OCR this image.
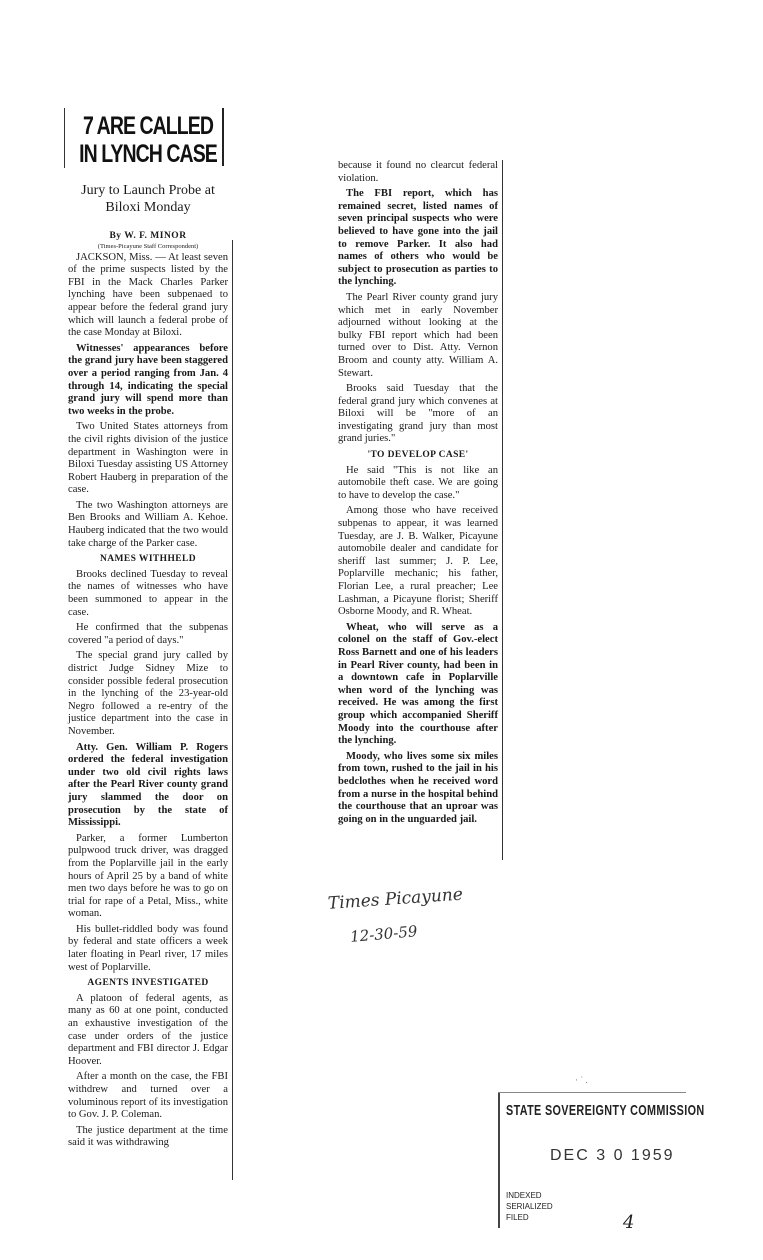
7 ARE CALLED
IN LYNCH CASE
Jury to Launch Probe at
Biloxi Monday
By W. F. MINOR
(Times-Picayune Staff Correspondent)

JACKSON, Miss. — At least seven of the prime suspects listed by the FBI in the Mack Charles Parker lynching have been subpenaed to appear before the federal grand jury which will launch a federal probe of the case Monday at Biloxi.

Witnesses' appearances before the grand jury have been staggered over a period ranging from Jan. 4 through 14, indicating the special grand jury will spend more than two weeks in the probe.

Two United States attorneys from the civil rights division of the justice department in Washington were in Biloxi Tuesday assisting US Attorney Robert Hauberg in preparation of the case.

The two Washington attorneys are Ben Brooks and William A. Kehoe. Hauberg indicated that the two would take charge of the Parker case.

NAMES WITHHELD

Brooks declined Tuesday to reveal the names of witnesses who have been summoned to appear in the case.

He confirmed that the subpenas covered "a period of days."

The special grand jury called by district Judge Sidney Mize to consider possible federal prosecution in the lynching of the 23-year-old Negro followed a re-entry of the justice department into the case in November.

Atty. Gen. William P. Rogers ordered the federal investigation under two old civil rights laws after the Pearl River county grand jury slammed the door on prosecution by the state of Mississippi.

Parker, a former Lumberton pulpwood truck driver, was dragged from the Poplarville jail in the early hours of April 25 by a band of white men two days before he was to go on trial for rape of a Petal, Miss., white woman.

His bullet-riddled body was found by federal and state officers a week later floating in Pearl river, 17 miles west of Poplarville.

AGENTS INVESTIGATED

A platoon of federal agents, as many as 60 at one point, conducted an exhaustive investigation of the case under orders of the justice department and FBI director J. Edgar Hoover.

After a month on the case, the FBI withdrew and turned over a voluminous report of its investigation to Gov. J. P. Coleman.

The justice department at the time said it was withdrawing

because it found no clearcut federal violation.

The FBI report, which has remained secret, listed names of seven principal suspects who were believed to have gone into the jail to remove Parker. It also had names of others who would be subject to prosecution as parties to the lynching.

The Pearl River county grand jury which met in early November adjourned without looking at the bulky FBI report which had been turned over to Dist. Atty. Vernon Broom and county atty. William A. Stewart.

Brooks said Tuesday that the federal grand jury which convenes at Biloxi will be "more of an investigating grand jury than most grand juries."

'TO DEVELOP CASE'

He said "This is not like an automobile theft case. We are going to have to develop the case."

Among those who have received subpenas to appear, it was learned Tuesday, are J. B. Walker, Picayune automobile dealer and candidate for sheriff last summer; J. P. Lee, Poplarville mechanic; his father, Florian Lee, a rural preacher; Lee Lashman, a Picayune florist; Sheriff Osborne Moody, and R. Wheat.

Wheat, who will serve as a colonel on the staff of Gov.-elect Ross Barnett and one of his leaders in Pearl River county, had been in a downtown cafe in Poplarville when word of the lynching was received. He was among the first group which accompanied Sheriff Moody into the courthouse after the lynching.

Moody, who lives some six miles from town, rushed to the jail in his bedclothes when he received word from a nurse in the hospital behind the courthouse that an uproar was going on in the unguarded jail.

Times Picayune
12-30-59
· ˙ .
STATE SOVEREIGNTY COMMISSION
DEC 3 0 1959
INDEXED
SERIALIZED
FILED	4
